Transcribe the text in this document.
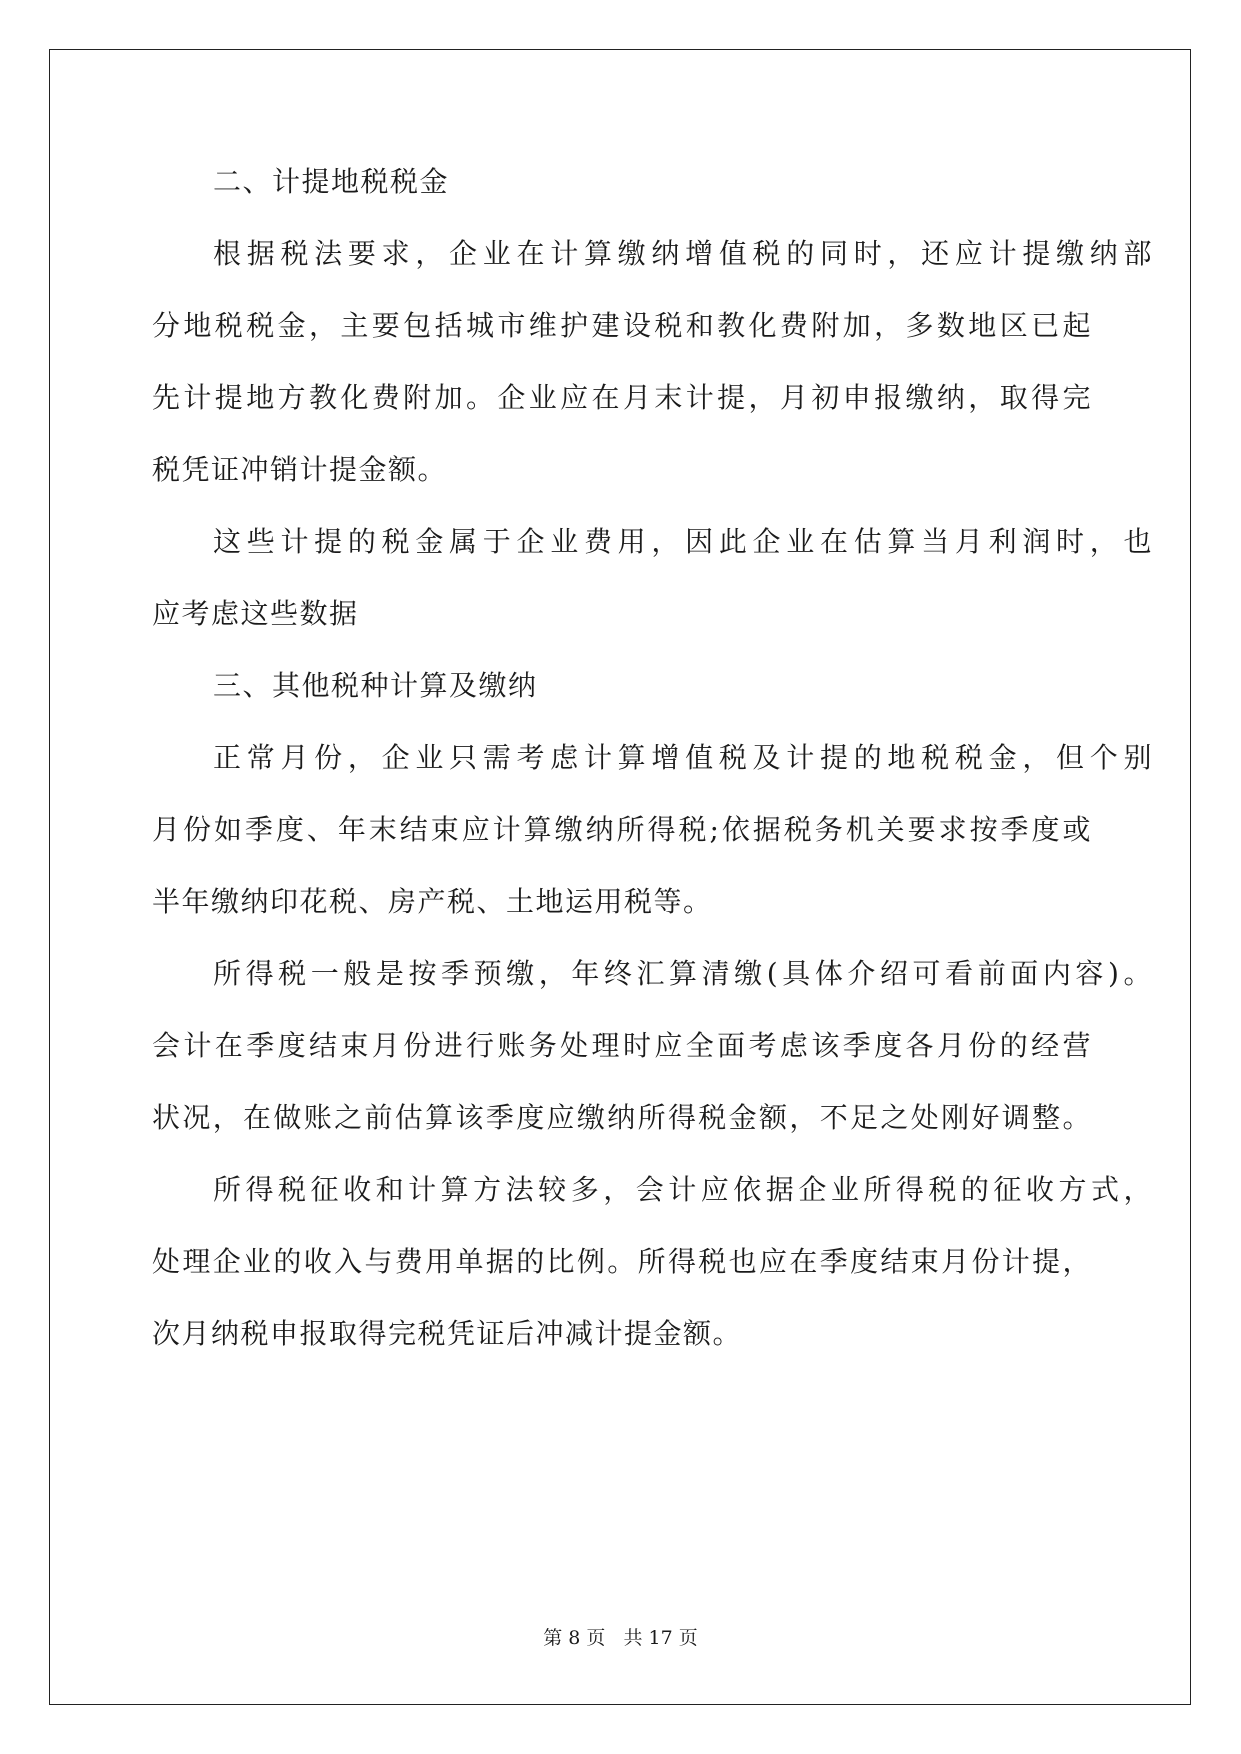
二、计提地税税金
根据税法要求，企业在计算缴纳增值税的同时，还应计提缴纳部
分地税税金，主要包括城市维护建设税和教化费附加，多数地区已起
先计提地方教化费附加。企业应在月末计提，月初申报缴纳，取得完
税凭证冲销计提金额。
这些计提的税金属于企业费用，因此企业在估算当月利润时，也
应考虑这些数据
三、其他税种计算及缴纳
正常月份，企业只需考虑计算增值税及计提的地税税金，但个别
月份如季度、年末结束应计算缴纳所得税;依据税务机关要求按季度或
半年缴纳印花税、房产税、土地运用税等。
所得税一般是按季预缴，年终汇算清缴(具体介绍可看前面内容)。
会计在季度结束月份进行账务处理时应全面考虑该季度各月份的经营
状况，在做账之前估算该季度应缴纳所得税金额，不足之处刚好调整。
所得税征收和计算方法较多，会计应依据企业所得税的征收方式，
处理企业的收入与费用单据的比例。所得税也应在季度结束月份计提，
次月纳税申报取得完税凭证后冲减计提金额。
第 8 页 共 17 页
